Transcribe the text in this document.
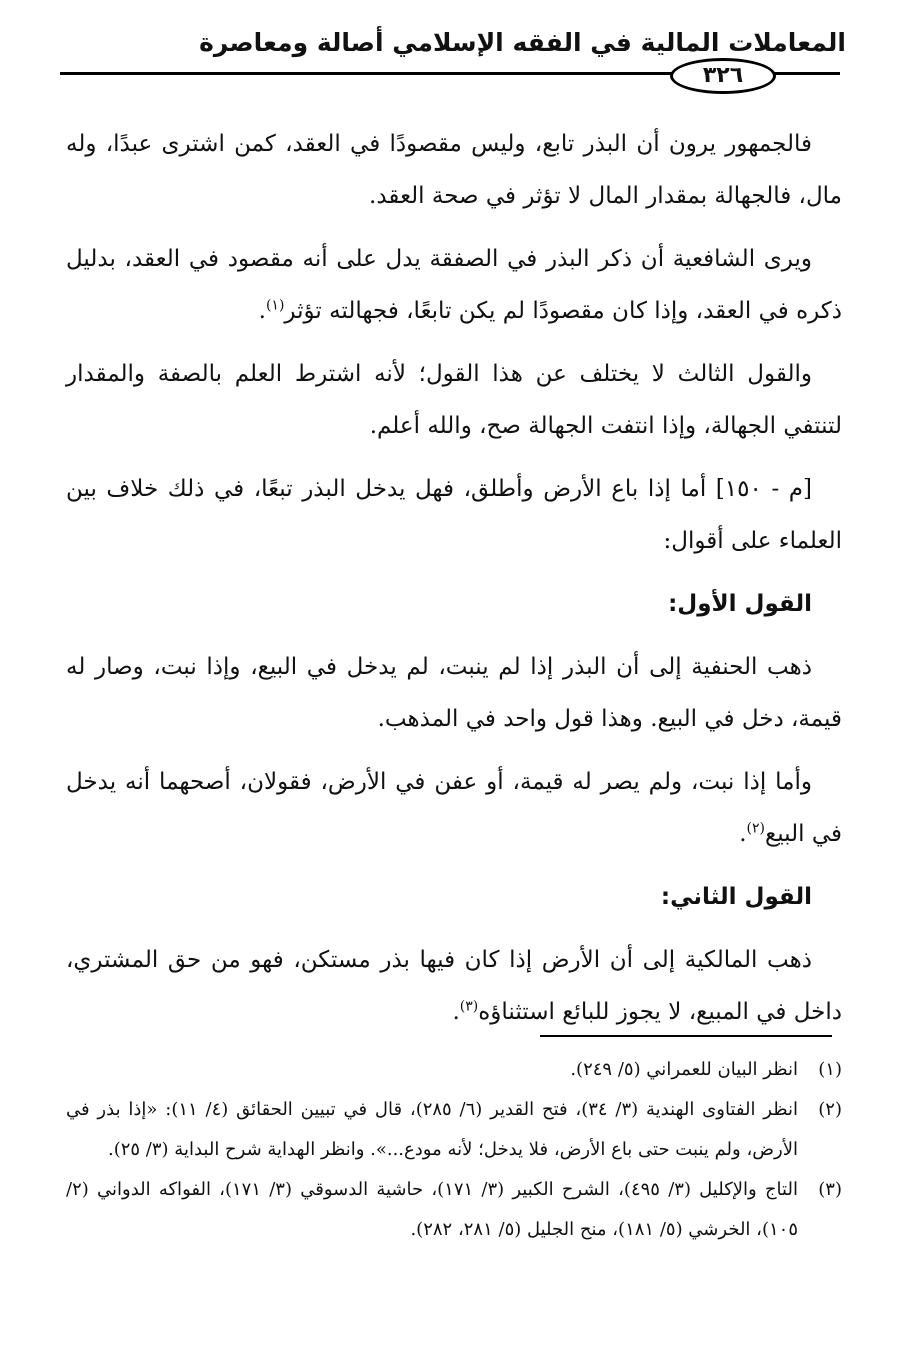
المعاملات المالية في الفقه الإسلامي أصالة ومعاصرة
٣٢٦

فالجمهور يرون أن البذر تابع، وليس مقصودًا في العقد، كمن اشترى عبدًا، وله مال، فالجهالة بمقدار المال لا تؤثر في صحة العقد.

ويرى الشافعية أن ذكر البذر في الصفقة يدل على أنه مقصود في العقد، بدليل ذكره في العقد، وإذا كان مقصودًا لم يكن تابعًا، فجهالته تؤثر$^{(١)}$.

والقول الثالث لا يختلف عن هذا القول؛ لأنه اشترط العلم بالصفة والمقدار لتنتفي الجهالة، وإذا انتفت الجهالة صح، والله أعلم.

[م - ١٥٠] أما إذا باع الأرض وأطلق، فهل يدخل البذر تبعًا، في ذلك خلاف بين العلماء على أقوال:

القول الأول:

ذهب الحنفية إلى أن البذر إذا لم ينبت، لم يدخل في البيع، وإذا نبت، وصار له قيمة، دخل في البيع. وهذا قول واحد في المذهب.

وأما إذا نبت، ولم يصر له قيمة، أو عفن في الأرض، فقولان، أصحهما أنه يدخل في البيع$^{(٢)}$.

القول الثاني:

ذهب المالكية إلى أن الأرض إذا كان فيها بذر مستكن، فهو من حق المشتري، داخل في المبيع، لا يجوز للبائع استثناؤه$^{(٣)}$.

(١)
انظر البيان للعمراني (٥/ ٢٤٩).
(٢)
انظر الفتاوى الهندية (٣/ ٣٤)، فتح القدير (٦/ ٢٨٥)، قال في تبيين الحقائق (٤/ ١١): «إذا بذر في الأرض، ولم ينبت حتى باع الأرض، فلا يدخل؛ لأنه مودع...». وانظر الهداية شرح البداية (٣/ ٢٥).
(٣)
التاج والإكليل (٣/ ٤٩٥)، الشرح الكبير (٣/ ١٧١)، حاشية الدسوقي (٣/ ١٧١)، الفواكه الدواني (٢/ ١٠٥)، الخرشي (٥/ ١٨١)، منح الجليل (٥/ ٢٨١، ٢٨٢).
